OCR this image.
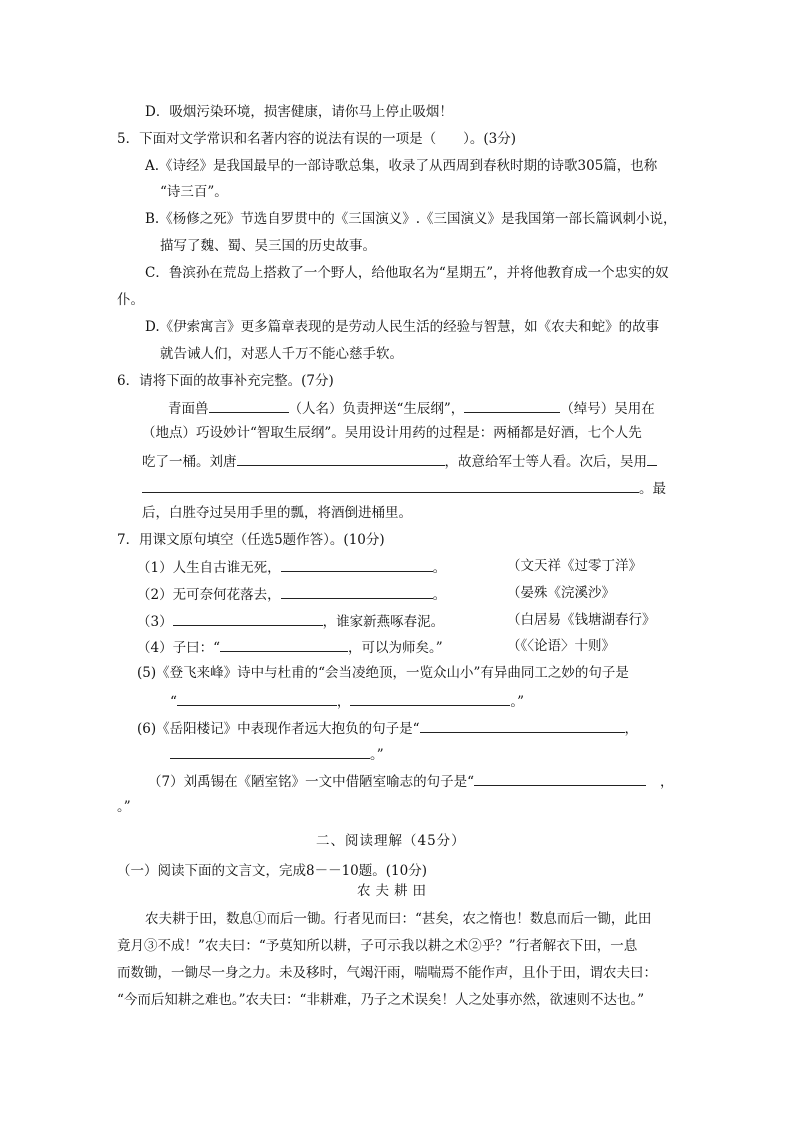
D．吸烟污染环境，损害健康，请你马上停止吸烟！
5．下面对文学常识和名著内容的说法有误的一项是（　　）。(3分)
A.《诗经》是我国最早的一部诗歌总集，收录了从西周到春秋时期的诗歌305篇，也称
“诗三百”。
B.《杨修之死》节选自罗贯中的《三国演义》.《三国演义》是我国第一部长篇讽刺小说，
描写了魏、蜀、吴三国的历史故事。
C．鲁滨孙在荒岛上搭救了一个野人，给他取名为“星期五”，并将他教育成一个忠实的奴
仆。
D.《伊索寓言》更多篇章表现的是劳动人民生活的经验与智慧，如《农夫和蛇》的故事
就告诫人们，对恶人千万不能心慈手软。
6．请将下面的故事补充完整。(7分)
青面兽	（人名）负责押送“生辰纲”，	（绰号）吴用在
（地点）巧设妙计“智取生辰纲”。吴用设计用药的过程是：两桶都是好酒，七个人先
吃了一桶。刘唐	，故意给军士等人看。次后，吴用
。最
后，白胜夺过吴用手里的瓢，将酒倒进桶里。
7．用课文原句填空（任选5题作答）。(10分)
（1）人生自古谁无死，	。	（文天祥《过零丁洋》
（2）无可奈何花落去，	。	（晏殊《浣溪沙》
（3）	，谁家新燕啄春泥。	（白居易《钱塘湖春行》
（4）子曰：“	，可以为师矣。”	（《〈论语〉十则》
(5)《登飞来峰》诗中与杜甫的“会当凌绝顶，一览众山小”有异曲同工之妙的句子是
“	，	。”
(6)《岳阳楼记》中表现作者远大抱负的句子是“	，
。”
（7）刘禹锡在《陋室铭》一文中借陋室喻志的句子是“	，
。”
二、阅读理解（45分）
（一）阅读下面的文言文，完成8－－10题。(10分)
农夫耕田
农夫耕于田，数息①而后一锄。行者见而曰：“甚矣，农之惰也！数息而后一锄，此田
竟月③不成！”农夫曰：“予莫知所以耕，子可示我以耕之术②乎？”行者解衣下田，一息
而数锄，一锄尽一身之力。未及移时，气竭汗雨，喘喘焉不能作声，且仆于田，谓农夫曰：
“今而后知耕之难也。”农夫曰：“非耕难，乃子之术误矣！人之处事亦然，欲速则不达也。”
